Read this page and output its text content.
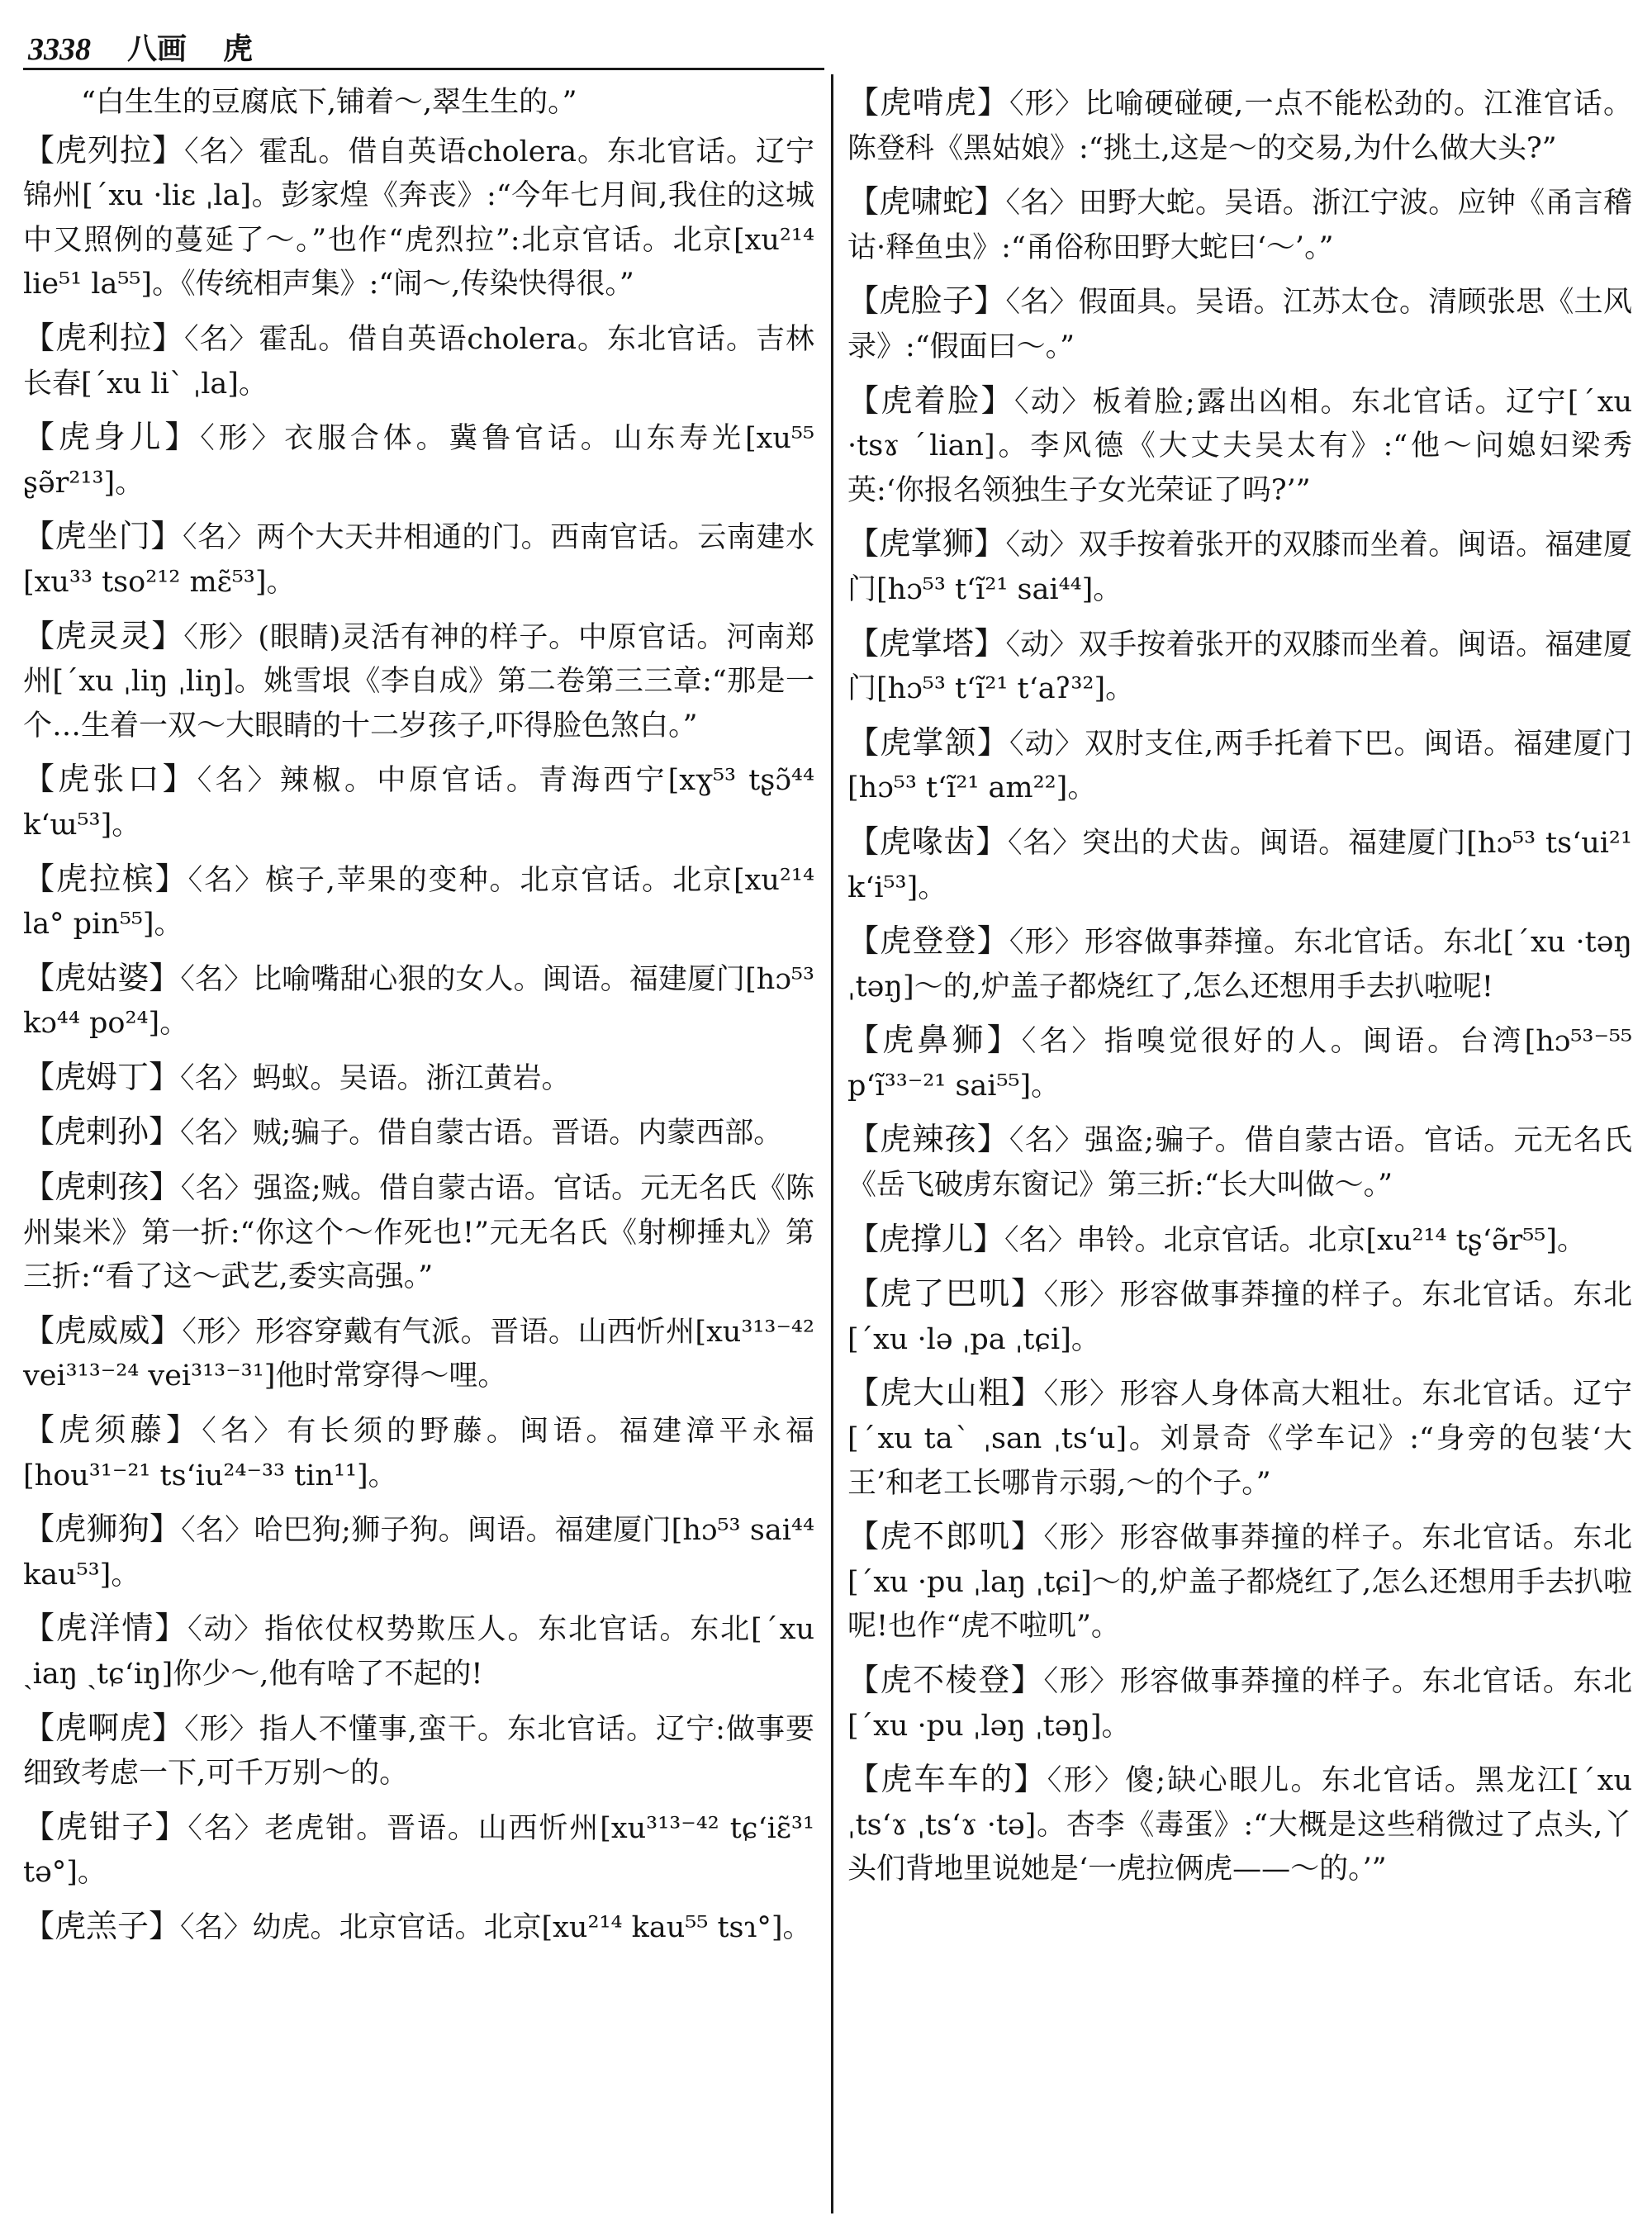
3338 八画 虎

“白生生的豆腐底下,铺着～,翠生生的。”

【虎列拉】〈名〉霍乱。借自英语cholera。东北官话。辽宁锦州[ˊxu ·liɛ ˌla]。彭家煌《奔丧》:“今年七月间,我住的这城中又照例的蔓延了～。”也作“虎烈拉”:北京官话。北京[xu²¹⁴ lie⁵¹ la⁵⁵]。《传统相声集》:“闹～,传染快得很。”

【虎利拉】〈名〉霍乱。借自英语cholera。东北官话。吉林长春[ˊxu liˋ ˌla]。

【虎身儿】〈形〉衣服合体。冀鲁官话。山东寿光[xu⁵⁵ ʂə̃r²¹³]。

【虎坐门】〈名〉两个大天井相通的门。西南官话。云南建水[xu³³ tso²¹² mɛ̃⁵³]。

【虎灵灵】〈形〉(眼睛)灵活有神的样子。中原官话。河南郑州[ˊxu ˌliŋ ˌliŋ]。姚雪垠《李自成》第二卷第三三章:“那是一个…生着一双～大眼睛的十二岁孩子,吓得脸色煞白。”

【虎张口】〈名〉辣椒。中原官话。青海西宁[xɣ⁵³ tʂɔ̃⁴⁴ kʻɯ⁵³]。

【虎拉槟】〈名〉槟子,苹果的变种。北京官话。北京[xu²¹⁴ la° pin⁵⁵]。

【虎姑婆】〈名〉比喻嘴甜心狠的女人。闽语。福建厦门[hɔ⁵³ kɔ⁴⁴ po²⁴]。

【虎姆丁】〈名〉蚂蚁。吴语。浙江黄岩。

【虎剌孙】〈名〉贼;骗子。借自蒙古语。晋语。内蒙西部。

【虎剌孩】〈名〉强盗;贼。借自蒙古语。官话。元无名氏《陈州粜米》第一折:“你这个～作死也!”元无名氏《射柳捶丸》第三折:“看了这～武艺,委实高强。”

【虎威威】〈形〉形容穿戴有气派。晋语。山西忻州[xu³¹³⁻⁴² vei³¹³⁻²⁴ vei³¹³⁻³¹]他时常穿得～哩。

【虎须藤】〈名〉有长须的野藤。闽语。福建漳平永福[hou³¹⁻²¹ tsʻiu²⁴⁻³³ tin¹¹]。

【虎狮狗】〈名〉哈巴狗;狮子狗。闽语。福建厦门[hɔ⁵³ sai⁴⁴ kau⁵³]。

【虎洋情】〈动〉指依仗权势欺压人。东北官话。东北[ˊxu ˏiaŋ ˏtɕʻiŋ]你少～,他有啥了不起的!

【虎啊虎】〈形〉指人不懂事,蛮干。东北官话。辽宁:做事要细致考虑一下,可千万别～的。

【虎钳子】〈名〉老虎钳。晋语。山西忻州[xu³¹³⁻⁴² tɕʻiɛ̃³¹ tə°]。

【虎羔子】〈名〉幼虎。北京官话。北京[xu²¹⁴ kau⁵⁵ tsɿ°]。

【虎啃虎】〈形〉比喻硬碰硬,一点不能松劲的。江淮官话。陈登科《黑姑娘》:“挑土,这是～的交易,为什么做大头?”

【虎啸蛇】〈名〉田野大蛇。吴语。浙江宁波。应钟《甬言稽诂·释鱼虫》:“甬俗称田野大蛇曰‘～’。”

【虎脸子】〈名〉假面具。吴语。江苏太仓。清顾张思《土风录》:“假面曰～。”

【虎着脸】〈动〉板着脸;露出凶相。东北官话。辽宁[ˊxu ·tsɤ ˊlian]。李风德《大丈夫吴太有》:“他～问媳妇梁秀英:‘你报名领独生子女光荣证了吗?’”

【虎掌狮】〈动〉双手按着张开的双膝而坐着。闽语。福建厦门[hɔ⁵³ tʻĩ²¹ sai⁴⁴]。

【虎掌塔】〈动〉双手按着张开的双膝而坐着。闽语。福建厦门[hɔ⁵³ tʻĩ²¹ tʻaʔ³²]。

【虎掌颔】〈动〉双肘支住,两手托着下巴。闽语。福建厦门[hɔ⁵³ tʻĩ²¹ am²²]。

【虎喙齿】〈名〉突出的犬齿。闽语。福建厦门[hɔ⁵³ tsʻui²¹ kʻi⁵³]。

【虎登登】〈形〉形容做事莽撞。东北官话。东北[ˊxu ·təŋ ˌtəŋ]～的,炉盖子都烧红了,怎么还想用手去扒啦呢!

【虎鼻狮】〈名〉指嗅觉很好的人。闽语。台湾[hɔ⁵³⁻⁵⁵ pʻĩ³³⁻²¹ sai⁵⁵]。

【虎辣孩】〈名〉强盗;骗子。借自蒙古语。官话。元无名氏《岳飞破虏东窗记》第三折:“长大叫做～。”

【虎撑儿】〈名〉串铃。北京官话。北京[xu²¹⁴ tʂʻə̃r⁵⁵]。

【虎了巴叽】〈形〉形容做事莽撞的样子。东北官话。东北[ˊxu ·lə ˌpa ˌtɕi]。

【虎大山粗】〈形〉形容人身体高大粗壮。东北官话。辽宁[ˊxu taˋ ˌsan ˌtsʻu]。刘景奇《学车记》:“身旁的包装‘大王’和老工长哪肯示弱,～的个子。”

【虎不郎叽】〈形〉形容做事莽撞的样子。东北官话。东北[ˊxu ·pu ˌlaŋ ˌtɕi]～的,炉盖子都烧红了,怎么还想用手去扒啦呢!也作“虎不啦叽”。

【虎不棱登】〈形〉形容做事莽撞的样子。东北官话。东北[ˊxu ·pu ˌləŋ ˌtəŋ]。

【虎车车的】〈形〉傻;缺心眼儿。东北官话。黑龙江[ˊxu ˌtsʻɤ ˌtsʻɤ ·tə]。杏李《毒蛋》:“大概是这些稍微过了点头,丫头们背地里说她是‘一虎拉俩虎——～的。’”
